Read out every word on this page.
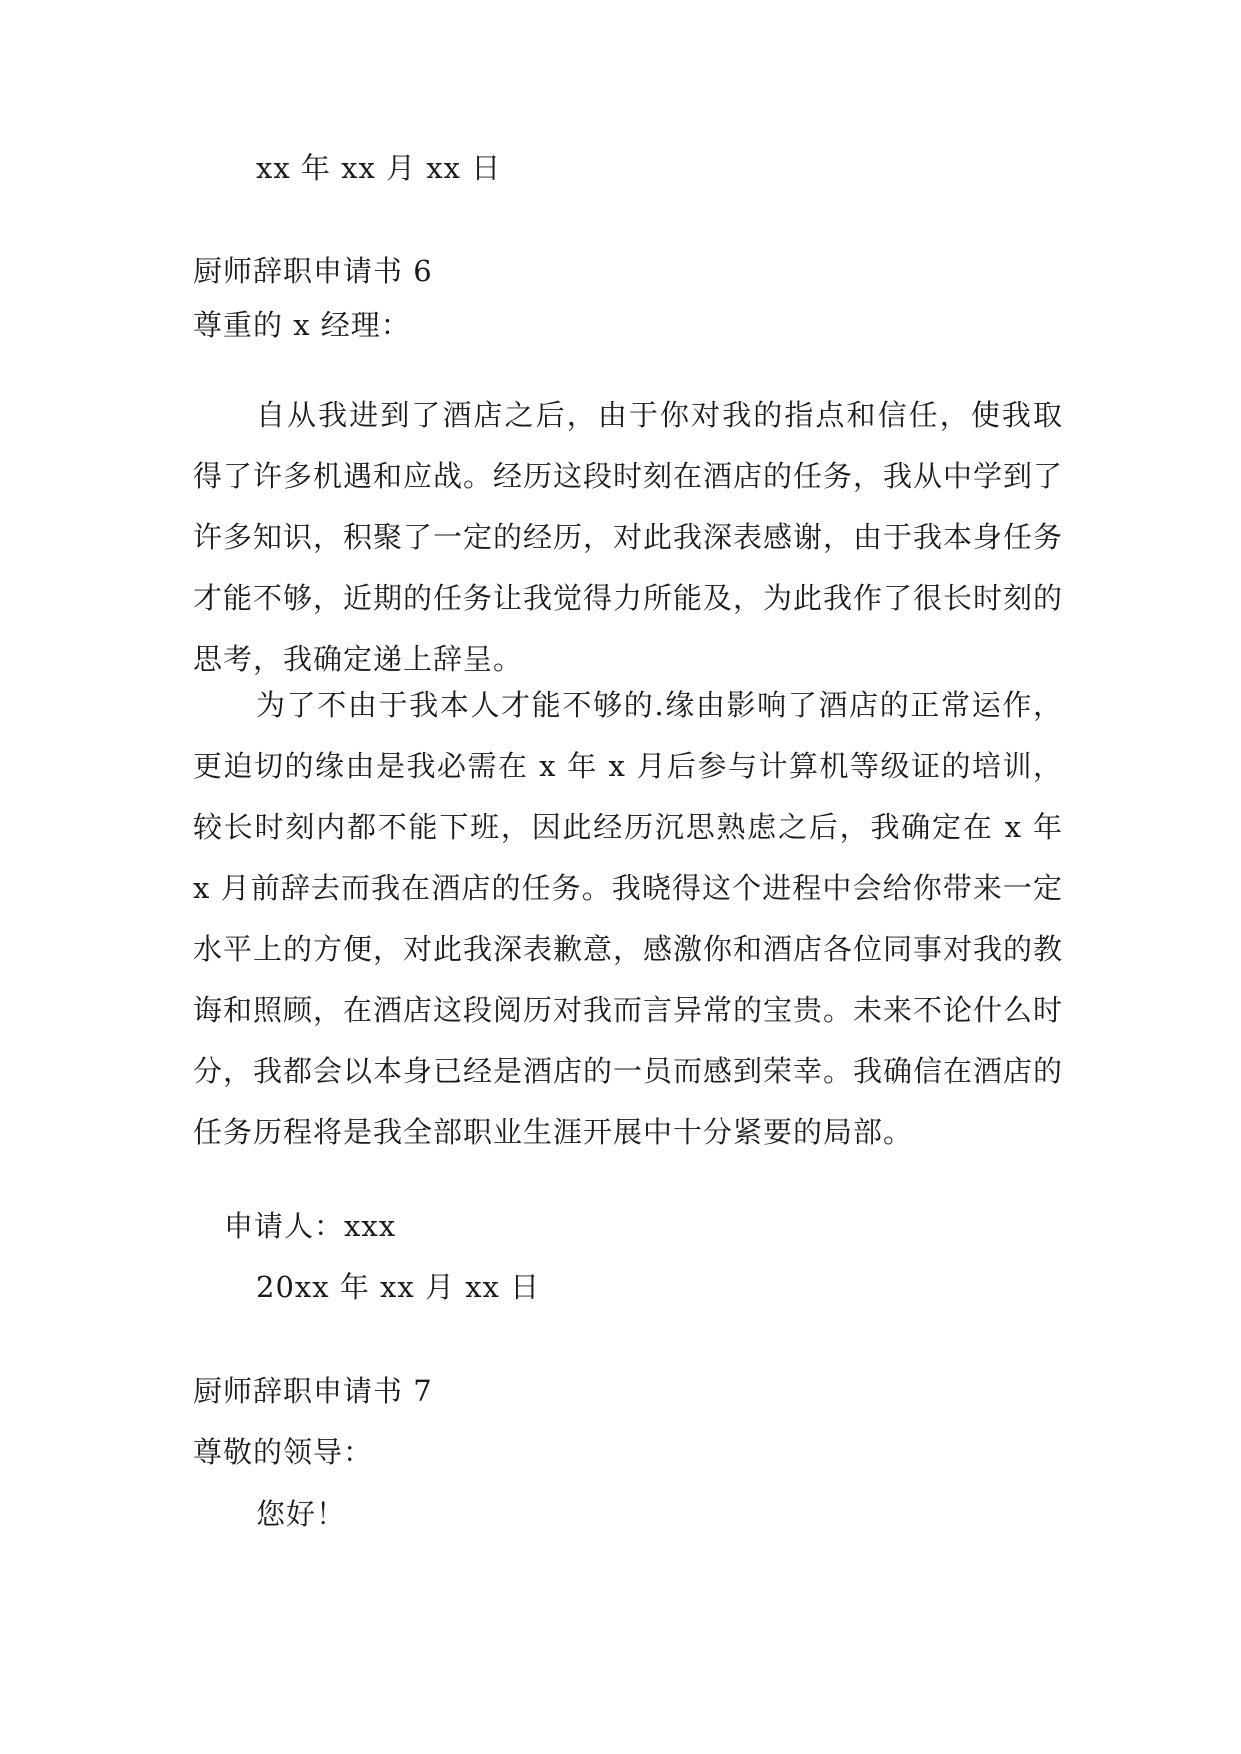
xx 年 xx 月 xx 日
厨师辞职申请书 6
尊重的 x 经理：
自从我进到了酒店之后，由于你对我的指点和信任，使我取得了许多机遇和应战。经历这段时刻在酒店的任务，我从中学到了许多知识，积聚了一定的经历，对此我深表感谢，由于我本身任务才能不够，近期的任务让我觉得力所能及，为此我作了很长时刻的思考，我确定递上辞呈。
为了不由于我本人才能不够的.缘由影响了酒店的正常运作，更迫切的缘由是我必需在 x 年 x 月后参与计算机等级证的培训，较长时刻内都不能下班，因此经历沉思熟虑之后，我确定在 x 年 x 月前辞去而我在酒店的任务。我晓得这个进程中会给你带来一定水平上的方便，对此我深表歉意，感激你和酒店各位同事对我的教诲和照顾，在酒店这段阅历对我而言异常的宝贵。未来不论什么时分，我都会以本身已经是酒店的一员而感到荣幸。我确信在酒店的任务历程将是我全部职业生涯开展中十分紧要的局部。
申请人：xxx
20xx 年 xx 月 xx 日
厨师辞职申请书 7
尊敬的领导：
您好！
